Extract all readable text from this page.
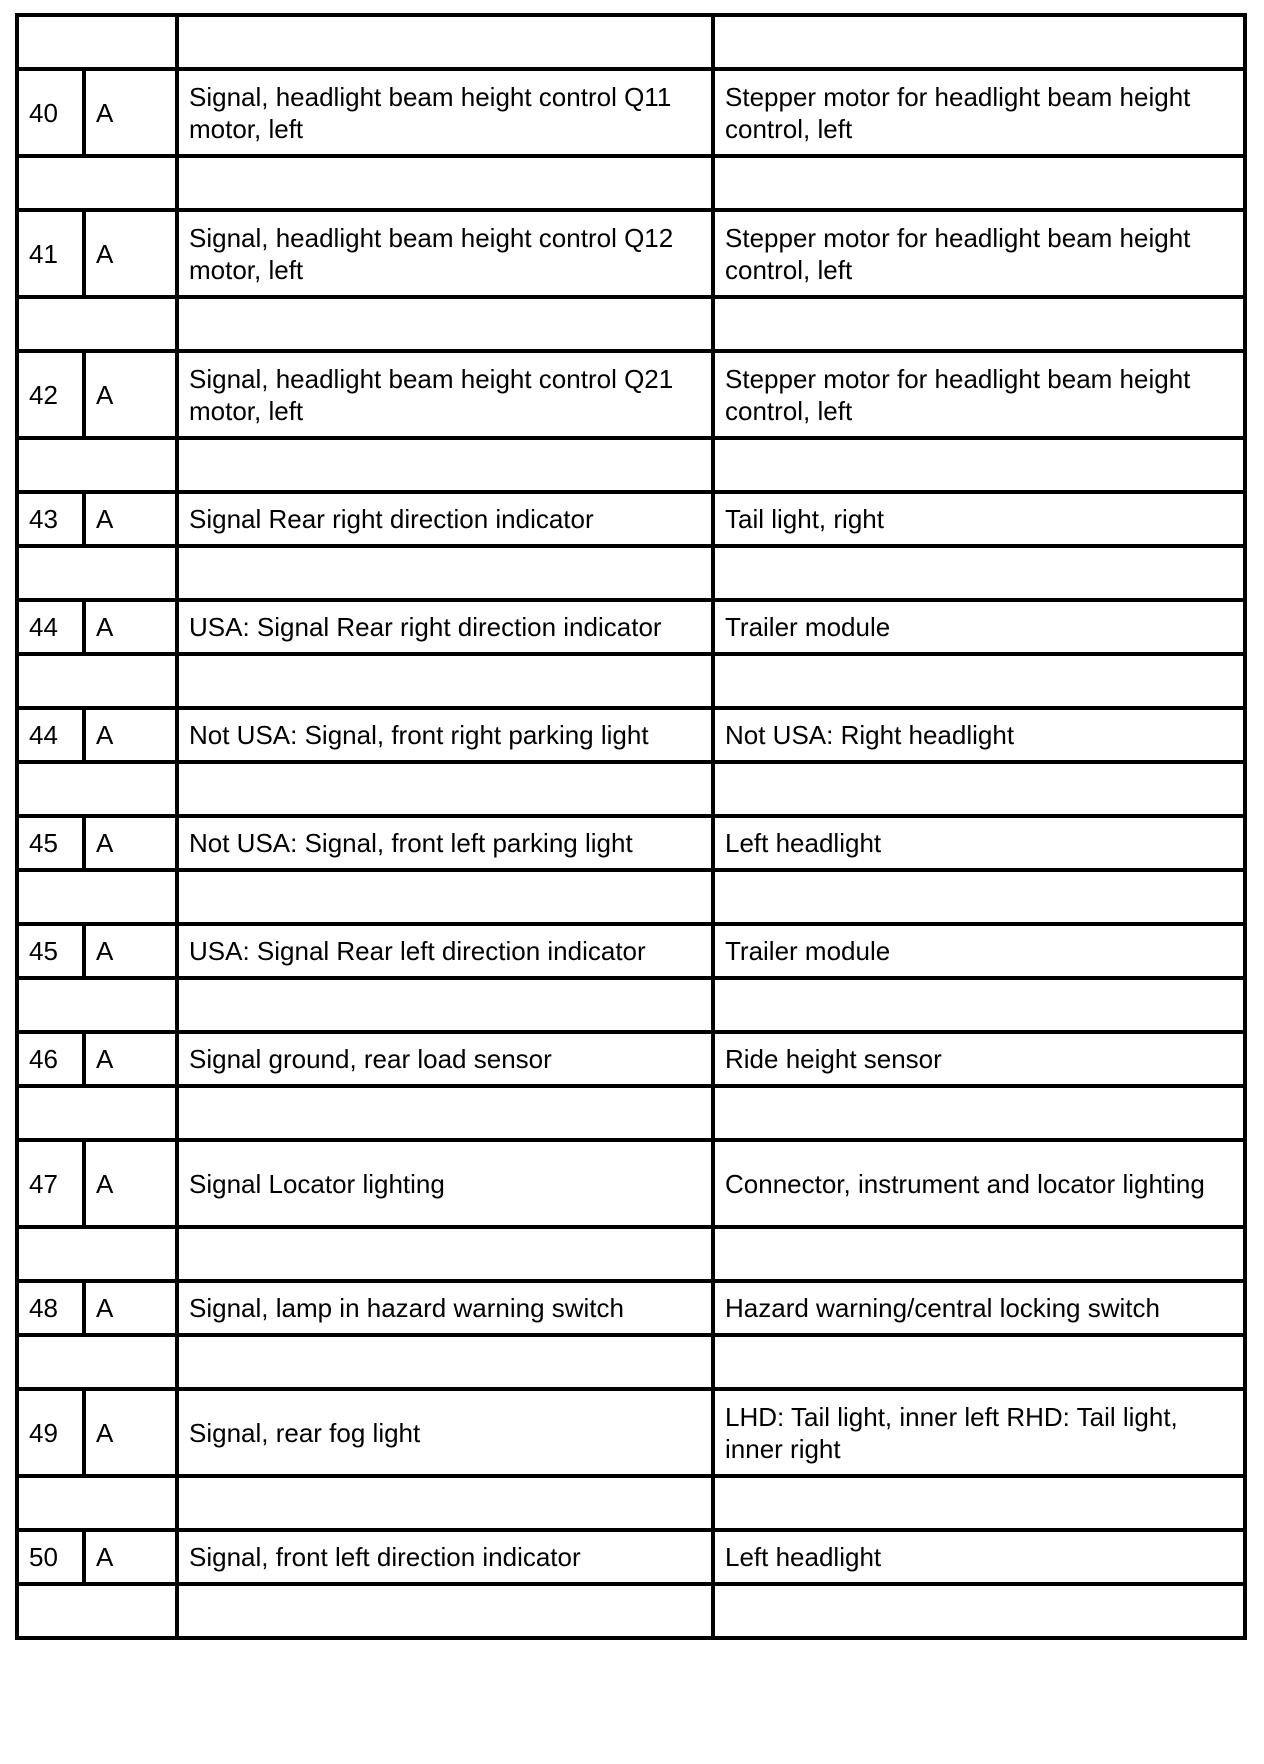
40	A	Signal, headlight beam height control Q11 motor, left	Stepper motor for headlight beam height control, left

41	A	Signal, headlight beam height control Q12 motor, left	Stepper motor for headlight beam height control, left

42	A	Signal, headlight beam height control Q21 motor, left	Stepper motor for headlight beam height control, left

43	A	Signal Rear right direction indicator	Tail light, right

44	A	USA: Signal Rear right direction indicator	Trailer module

44	A	Not USA: Signal, front right parking light	Not USA: Right headlight

45	A	Not USA: Signal, front left parking light	Left headlight

45	A	USA: Signal Rear left direction indicator	Trailer module

46	A	Signal ground, rear load sensor	Ride height sensor

47	A	Signal Locator lighting	Connector, instrument and locator lighting

48	A	Signal, lamp in hazard warning switch	Hazard warning/central locking switch

49	A	Signal, rear fog light	LHD: Tail light, inner left RHD: Tail light, inner right

50	A	Signal, front left direction indicator	Left headlight
